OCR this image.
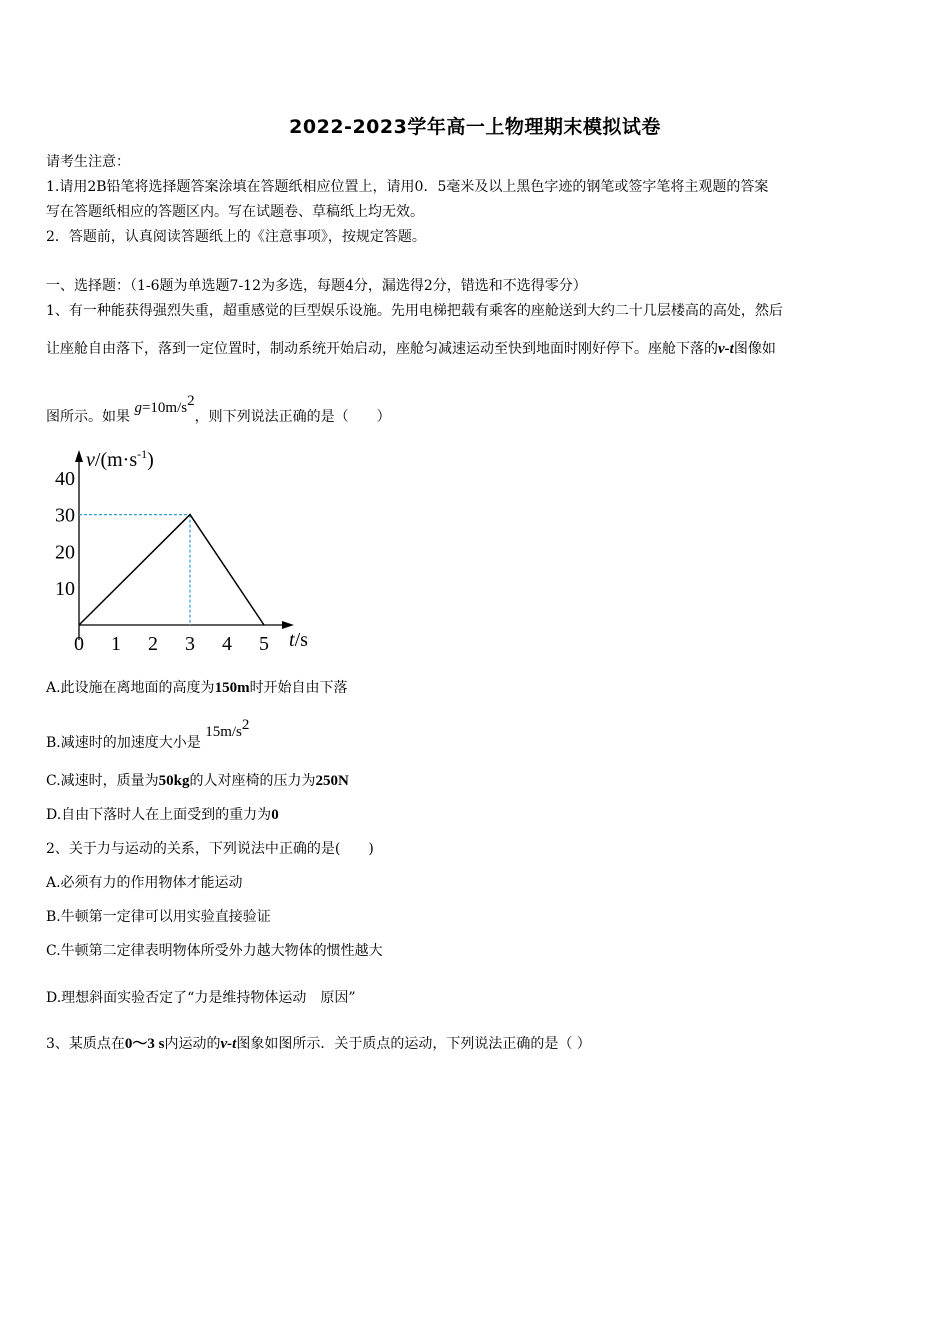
2022-2023学年高一上物理期末模拟试卷
请考生注意：
1.请用2B铅笔将选择题答案涂填在答题纸相应位置上，请用0．5毫米及以上黑色字迹的钢笔或签字笔将主观题的答案
写在答题纸相应的答题区内。写在试题卷、草稿纸上均无效。
2．答题前，认真阅读答题纸上的《注意事项》，按规定答题。
一、选择题：（1-6题为单选题7-12为多选，每题4分，漏选得2分，错选和不选得零分）
1、有一种能获得强烈失重，超重感觉的巨型娱乐设施。先用电梯把载有乘客的座舱送到大约二十几层楼高的高处，然后
让座舱自由落下，落到一定位置时，制动系统开始启动，座舱匀减速运动至快到地面时刚好停下。座舱下落的v-t图像如
图所示。如果 g=10m/s2，则下列说法正确的是（　　）
$v/(m\cdot s^{-1})$
t/s
10
20
30
40
0 1 2 3 4 5
A.此设施在离地面的高度为150m时开始自由下落
B.减速时的加速度大小是 15m/s2
C.减速时，质量为50kg的人对座椅的压力为250N
D.自由下落时人在上面受到的重力为0
2、关于力与运动的关系，下列说法中正确的是(　　)
A.必须有力的作用物体才能运动
B.牛顿第一定律可以用实验直接验证
C.牛顿第二定律表明物体所受外力越大物体的惯性越大
D.理想斜面实验否定了“力是维持物体运动　原因”
3、某质点在0～3 s内运动的v-t图象如图所示．关于质点的运动，下列说法正确的是（ ）
